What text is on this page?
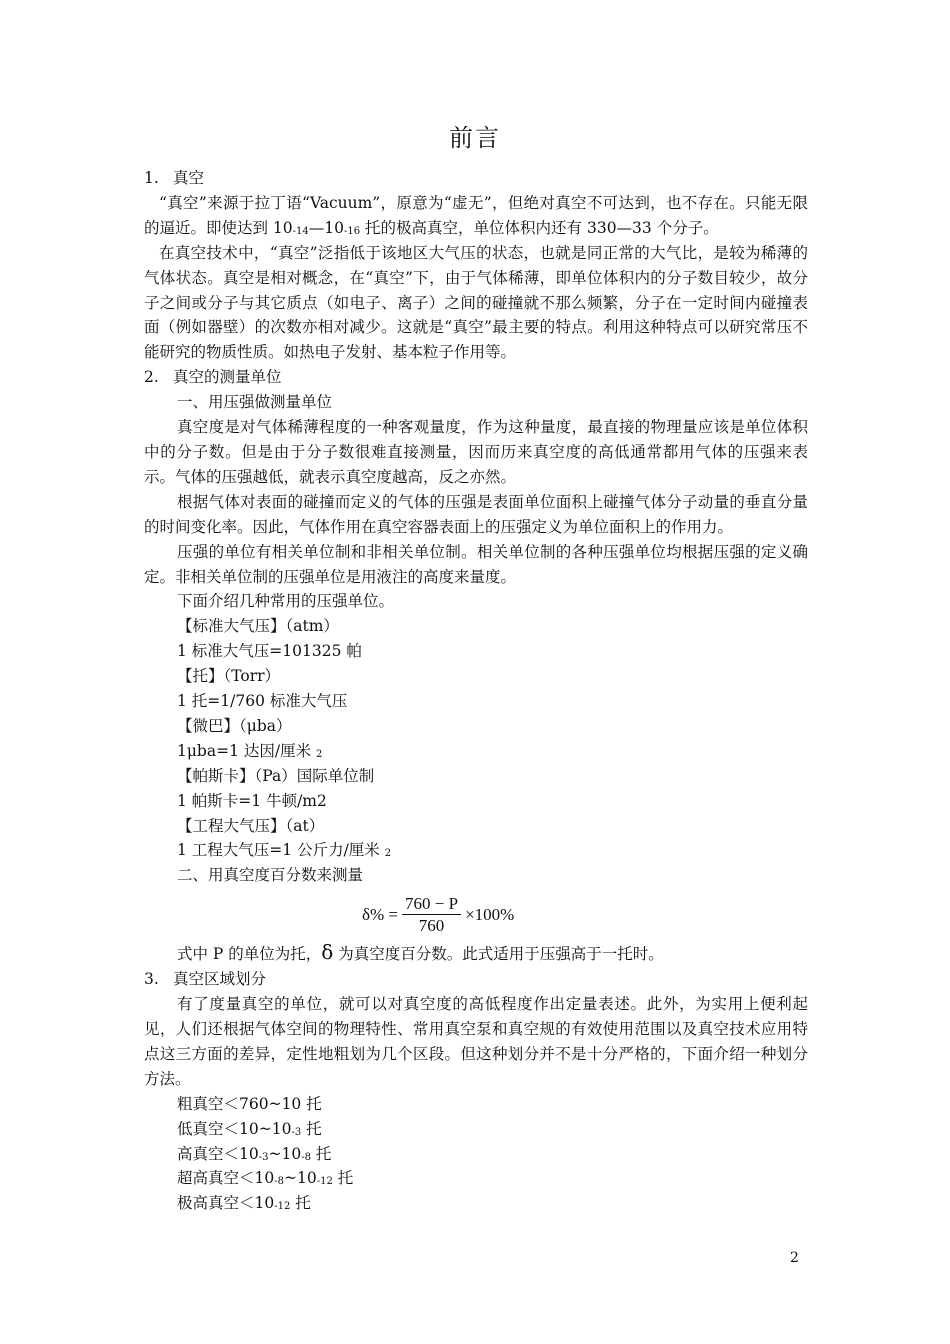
前言

1. 真空

“真空”来源于拉丁语“Vacuum”，原意为“虚无”，但绝对真空不可达到，也不存在。只能无限的逼近。即使达到 $10_{-14}—10_{-16}$ 托的极高真空，单位体积内还有 330—33 个分子。

在真空技术中，“真空”泛指低于该地区大气压的状态，也就是同正常的大气比，是较为稀薄的气体状态。真空是相对概念，在“真空”下，由于气体稀薄，即单位体积内的分子数目较少，故分子之间或分子与其它质点（如电子、离子）之间的碰撞就不那么频繁，分子在一定时间内碰撞表面（例如器壁）的次数亦相对减少。这就是“真空”最主要的特点。利用这种特点可以研究常压不能研究的物质性质。如热电子发射、基本粒子作用等。

2. 真空的测量单位

一、用压强做测量单位

真空度是对气体稀薄程度的一种客观量度，作为这种量度，最直接的物理量应该是单位体积中的分子数。但是由于分子数很难直接测量，因而历来真空度的高低通常都用气体的压强来表示。气体的压强越低，就表示真空度越高，反之亦然。

根据气体对表面的碰撞而定义的气体的压强是表面单位面积上碰撞气体分子动量的垂直分量的时间变化率。因此，气体作用在真空容器表面上的压强定义为单位面积上的作用力。

压强的单位有相关单位制和非相关单位制。相关单位制的各种压强单位均根据压强的定义确定。非相关单位制的压强单位是用液注的高度来量度。

下面介绍几种常用的压强单位。

【标准大气压】（atm）

1 标准大气压=101325 帕

【托】（Torr）

1 托=1/760 标准大气压

【微巴】（μba）

1μba=1 达因/厘米 $_2$

【帕斯卡】（Pa）国际单位制

1 帕斯卡=1 牛顿/m2

【工程大气压】（at）

1 工程大气压=1 公斤力/厘米 $_2$

二、用真空度百分数来测量

$\delta\% = \frac{760 - P}{760} \times 100\%$

式中 P 的单位为托，δ 为真空度百分数。此式适用于压强高于一托时。

3. 真空区域划分

有了度量真空的单位，就可以对真空度的高低程度作出定量表述。此外，为实用上便利起见，人们还根据气体空间的物理特性、常用真空泵和真空规的有效使用范围以及真空技术应用特点这三方面的差异，定性地粗划为几个区段。但这种划分并不是十分严格的，下面介绍一种划分方法。

粗真空＜760~10 托

低真空$<10\sim 10_{-3}$ 托

高真空$<10_{-3}\sim 10_{-8}$ 托

超高真空$<10_{-8}\sim 10_{-12}$ 托

极高真空$<10_{-12}$ 托

2
